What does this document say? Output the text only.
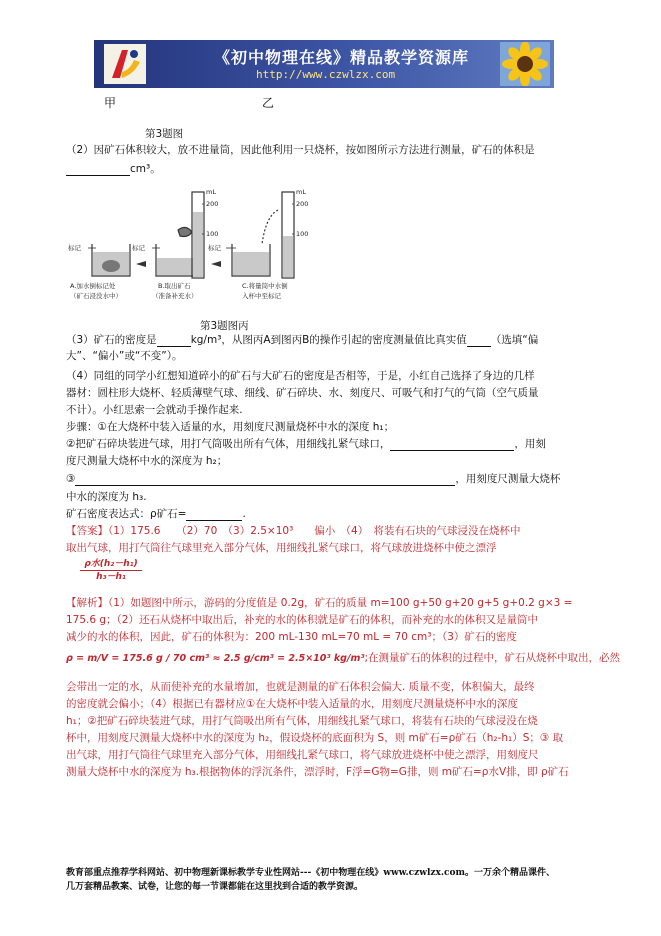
《初中物理在线》精品教学资源库
http://www.czwlzx.com
甲	乙
第3题图
（2）因矿石体积较大，放不进量筒，因此他利用一只烧杯，按如图所示方法进行测量，矿石的体积是
cm³。
标记	标记	标记
mL
200
100
mL
200
100
A.加水倒标记处
（矿石浸没水中）
B.取出矿石
（准备补充水）
C.将量筒中水倒
入杯中至标记
第3题图丙
（3）矿石的密度是	kg/m³，从图丙A到图丙B的操作引起的密度测量值比真实值 （选填“偏
大”、“偏小”或“不变”）。
（4）同组的同学小红想知道碎小的矿石与大矿石的密度是否相等，于是，小红自己选择了身边的几样
器材：圆柱形大烧杯、轻质薄壁气球、细线、矿石碎块、水、刻度尺、可吸气和打气的气筒（空气质量
不计）。小红思索一会就动手操作起来.
步骤：①在大烧杯中装入适量的水，用刻度尺测量烧杯中水的深度 h₁；
②把矿石碎块装进气球，用打气筒吸出所有气体，用细线扎紧气球口，	，用刻
度尺测量大烧杯中水的深度为 h₂；
③	，用刻度尺测量大烧杯
中水的深度为 h₃.
矿石密度表达式：ρ矿石=	.
【答案】（1）175.6　　（2）70　（3）2.5×10³　　偏小　（4）　将装有石块的气球浸没在烧杯中
取出气球，用打气筒往气球里充入部分气体，用细线扎紧气球口，将气球放进烧杯中使之漂浮
ρ水(h₂－h₁)
h₃－h₁
【解析】（1）如题图中所示，游码的分度值是 0.2g，矿石的质量 m=100 g+50 g+20 g+5 g+0.2 g×3 =
175.6 g；（2）还石从烧杯中取出后，补充的水的体积就是矿石的体积，而补充的水的体积又是量筒中
减少的水的体积，因此，矿石的体积为：200 mL-130 mL=70 mL = 70 cm³；（3）矿石的密度
ρ = m/V = 175.6 g / 70 cm³ ≈ 2.5 g/cm³ = 2.5×10³ kg/m³;在测量矿石的体积的过程中，矿石从烧杯中取出，必然
会带出一定的水，从而使补充的水量增加，也就是测量的矿石体积会偏大. 质量不变，体积偏大，最终
的密度就会偏小；（4）根据已有器材应①在大烧杯中装入适量的水，用刻度尺测量烧杯中水的深度
h₁；②把矿石碎块装进气球，用打气筒吸出所有气体，用细线扎紧气球口，将装有石块的气球浸没在烧
杯中，用刻度尺测量大烧杯中水的深度为 h₂，假设烧杯的底面积为 S，则 m矿石=ρ矿石（h₂-h₁）S；③ 取
出气球，用打气筒往气球里充入部分气体，用细线扎紧气球口，将气球放进烧杯中使之漂浮，用刻度尺
测量大烧杯中水的深度为 h₃.根据物体的浮沉条件，漂浮时，F浮=G物=G排，则 m矿石=ρ水V排，即 ρ矿石
教育部重点推荐学科网站、初中物理新课标教学专业性网站---《初中物理在线》www.czwlzx.com。一万余个精品课件、
几万套精品教案、试卷，让您的每一节课都能在这里找到合适的教学资源。
